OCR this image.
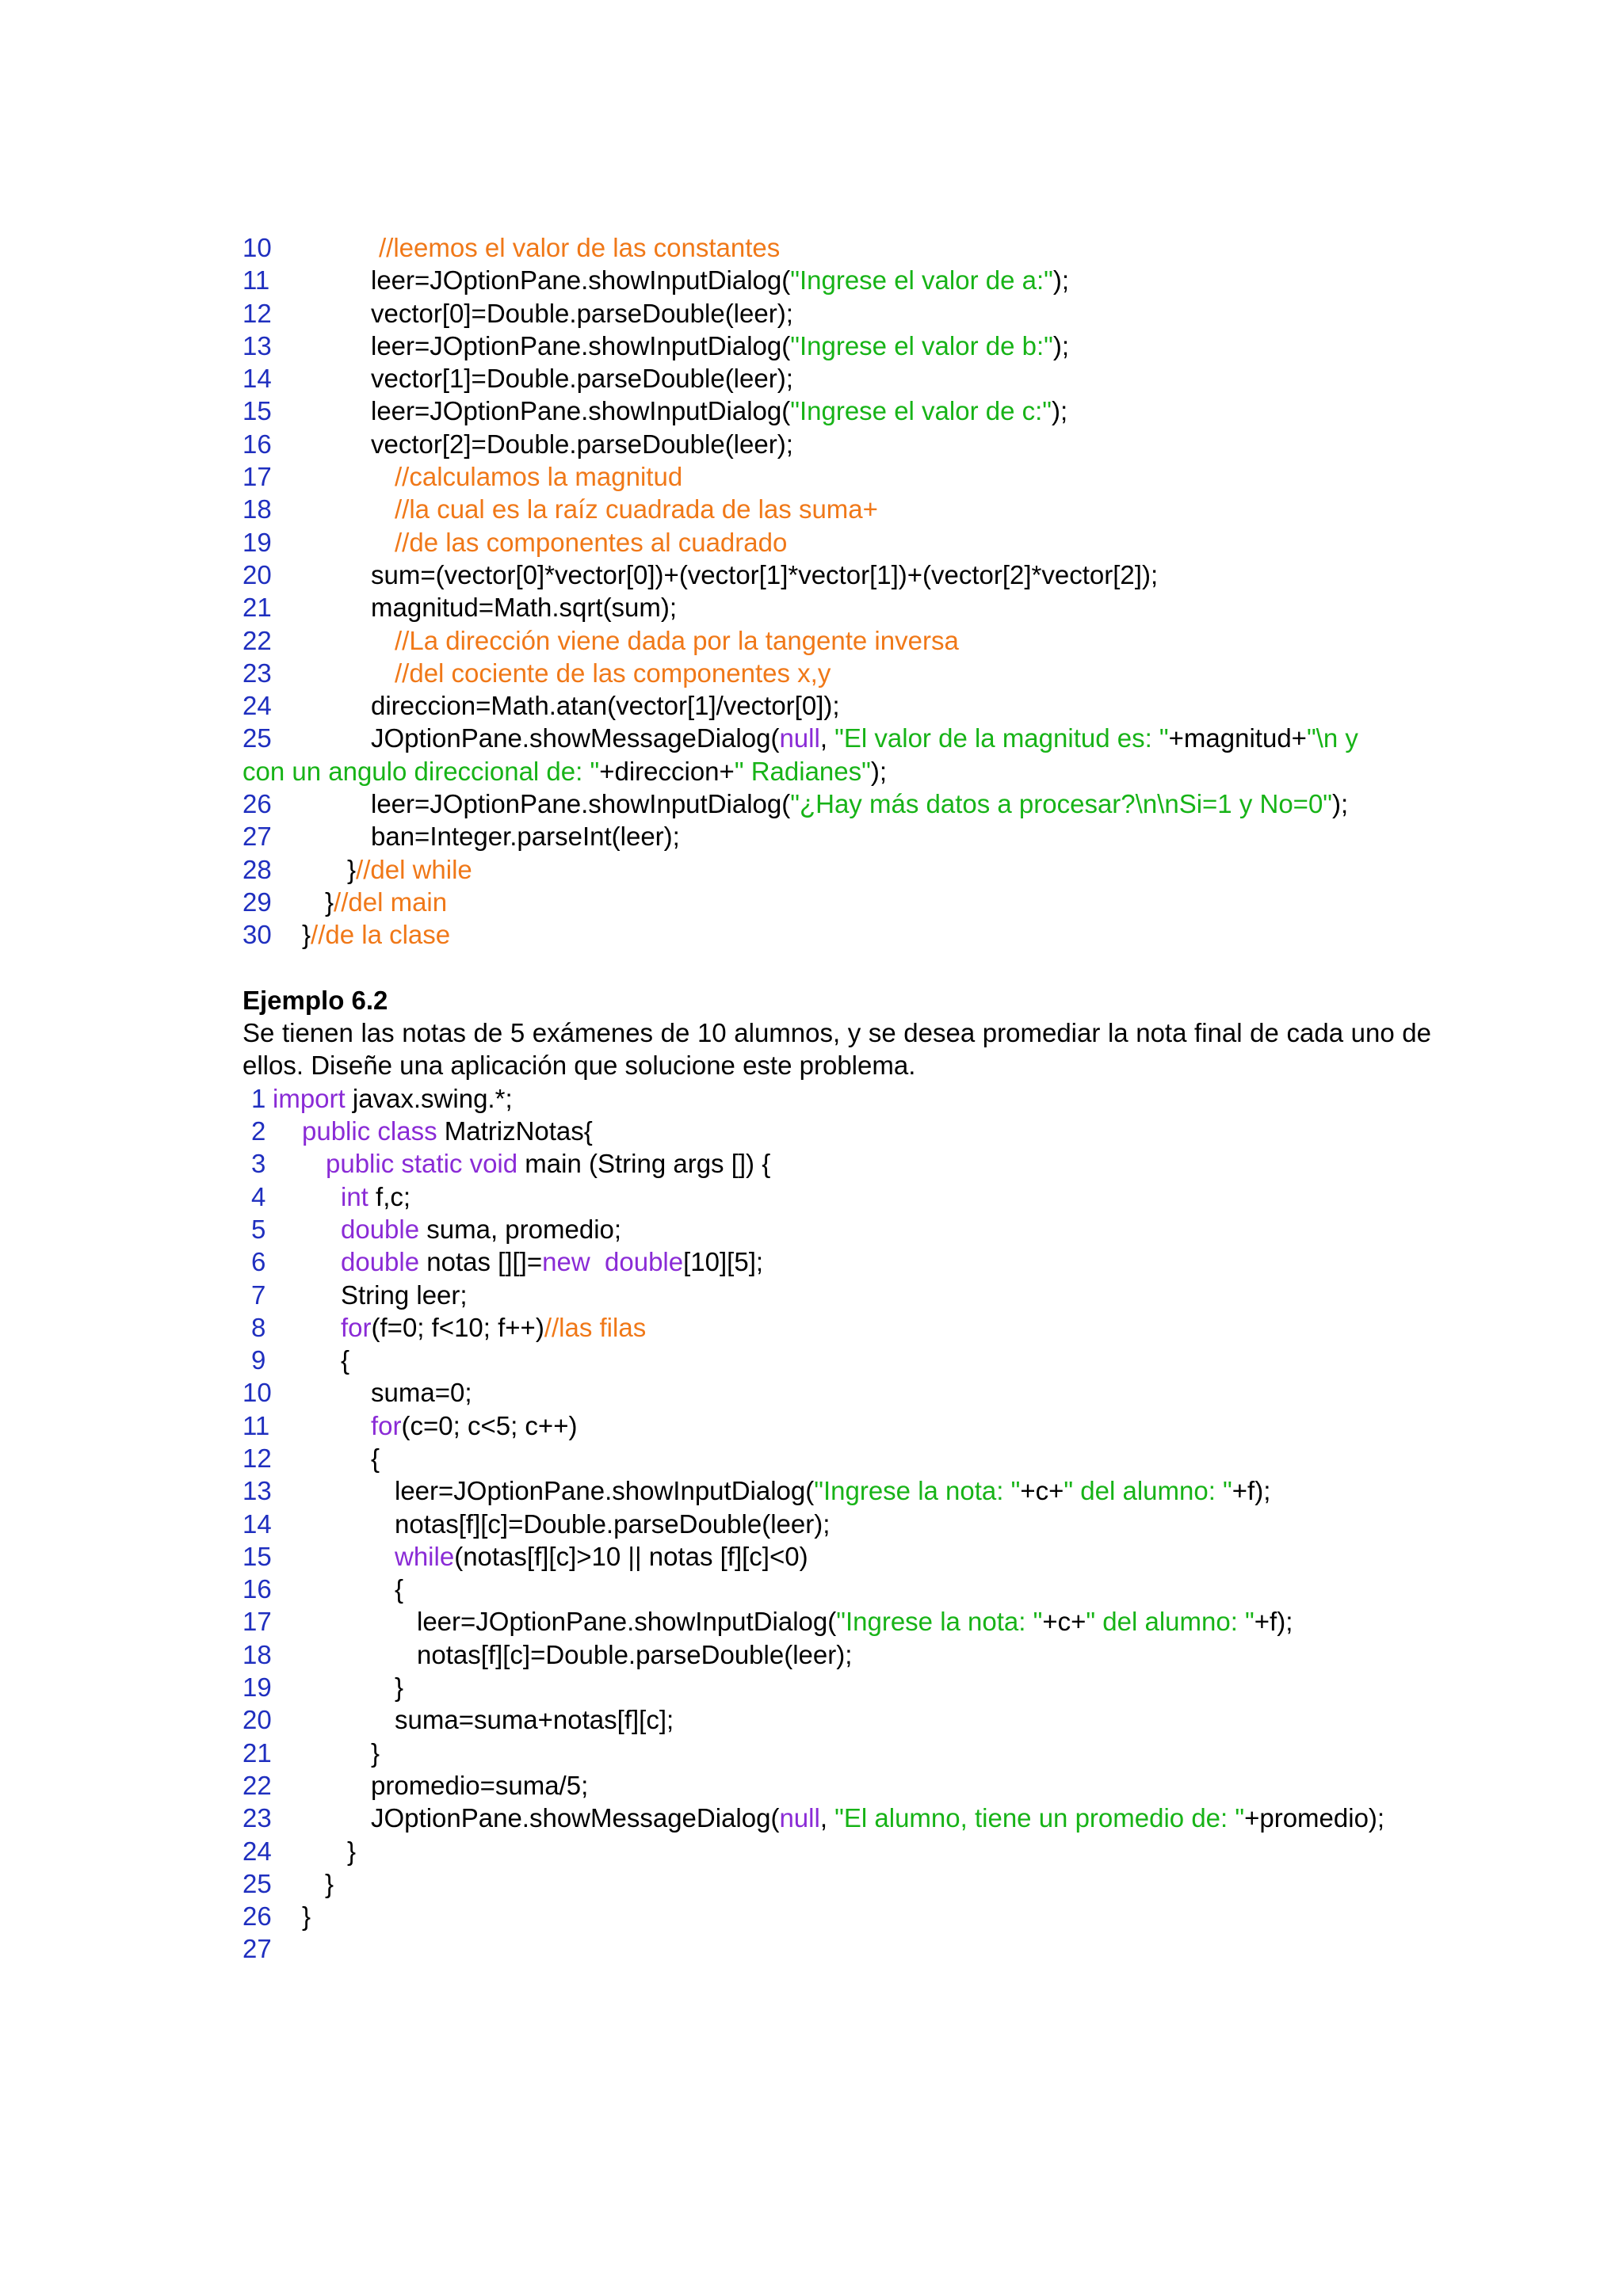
10	//leemos el valor de las constantes
11	leer=JOptionPane.showInputDialog("Ingrese el valor de a:");
12	vector[0]=Double.parseDouble(leer);
13	leer=JOptionPane.showInputDialog("Ingrese el valor de b:");
14	vector[1]=Double.parseDouble(leer);
15	leer=JOptionPane.showInputDialog("Ingrese el valor de c:");
16	vector[2]=Double.parseDouble(leer);
17	//calculamos la magnitud
18	//la cual es la raíz cuadrada de las suma+
19	//de las componentes al cuadrado
20	sum=(vector[0]*vector[0])+(vector[1]*vector[1])+(vector[2]*vector[2]);
21	magnitud=Math.sqrt(sum);
22	//La dirección viene dada por la tangente inversa
23	//del cociente de las componentes x,y
24	direccion=Math.atan(vector[1]/vector[0]);
25	JOptionPane.showMessageDialog(null, "El valor de la magnitud es: "+magnitud+"\n y
con un angulo direccional de: "+direccion+" Radianes");
26	leer=JOptionPane.showInputDialog("¿Hay más datos a procesar?\n\nSi=1 y No=0");
27	ban=Integer.parseInt(leer);
28	}//del while
29 }//del main
30 }//de la clase
Ejemplo 6.2
Se tienen las notas de 5 exámenes de 10 alumnos, y se desea promediar la nota final de cada uno de ellos. Diseñe una aplicación que solucione este problema.
1 import javax.swing.*;
2 public class MatrizNotas{
3 public static void main (String args []) {
4	int f,c;
5	double suma, promedio;
6	double notas [][]=new double[10][5];
7	String leer;
8	for(f=0; f<10; f++)//las filas
9	{
10	suma=0;
11	for(c=0; c<5; c++)
12	{
13	leer=JOptionPane.showInputDialog("Ingrese la nota: "+c+" del alumno: "+f);
14	notas[f][c]=Double.parseDouble(leer);
15	while(notas[f][c]>10 || notas [f][c]<0)
16	{
17	leer=JOptionPane.showInputDialog("Ingrese la nota: "+c+" del alumno: "+f);
18	notas[f][c]=Double.parseDouble(leer);
19	}
20	suma=suma+notas[f][c];
21	}
22	promedio=suma/5;
23	JOptionPane.showMessageDialog(null, "El alumno, tiene un promedio de: "+promedio);
24	}
25 }
26 }
27
